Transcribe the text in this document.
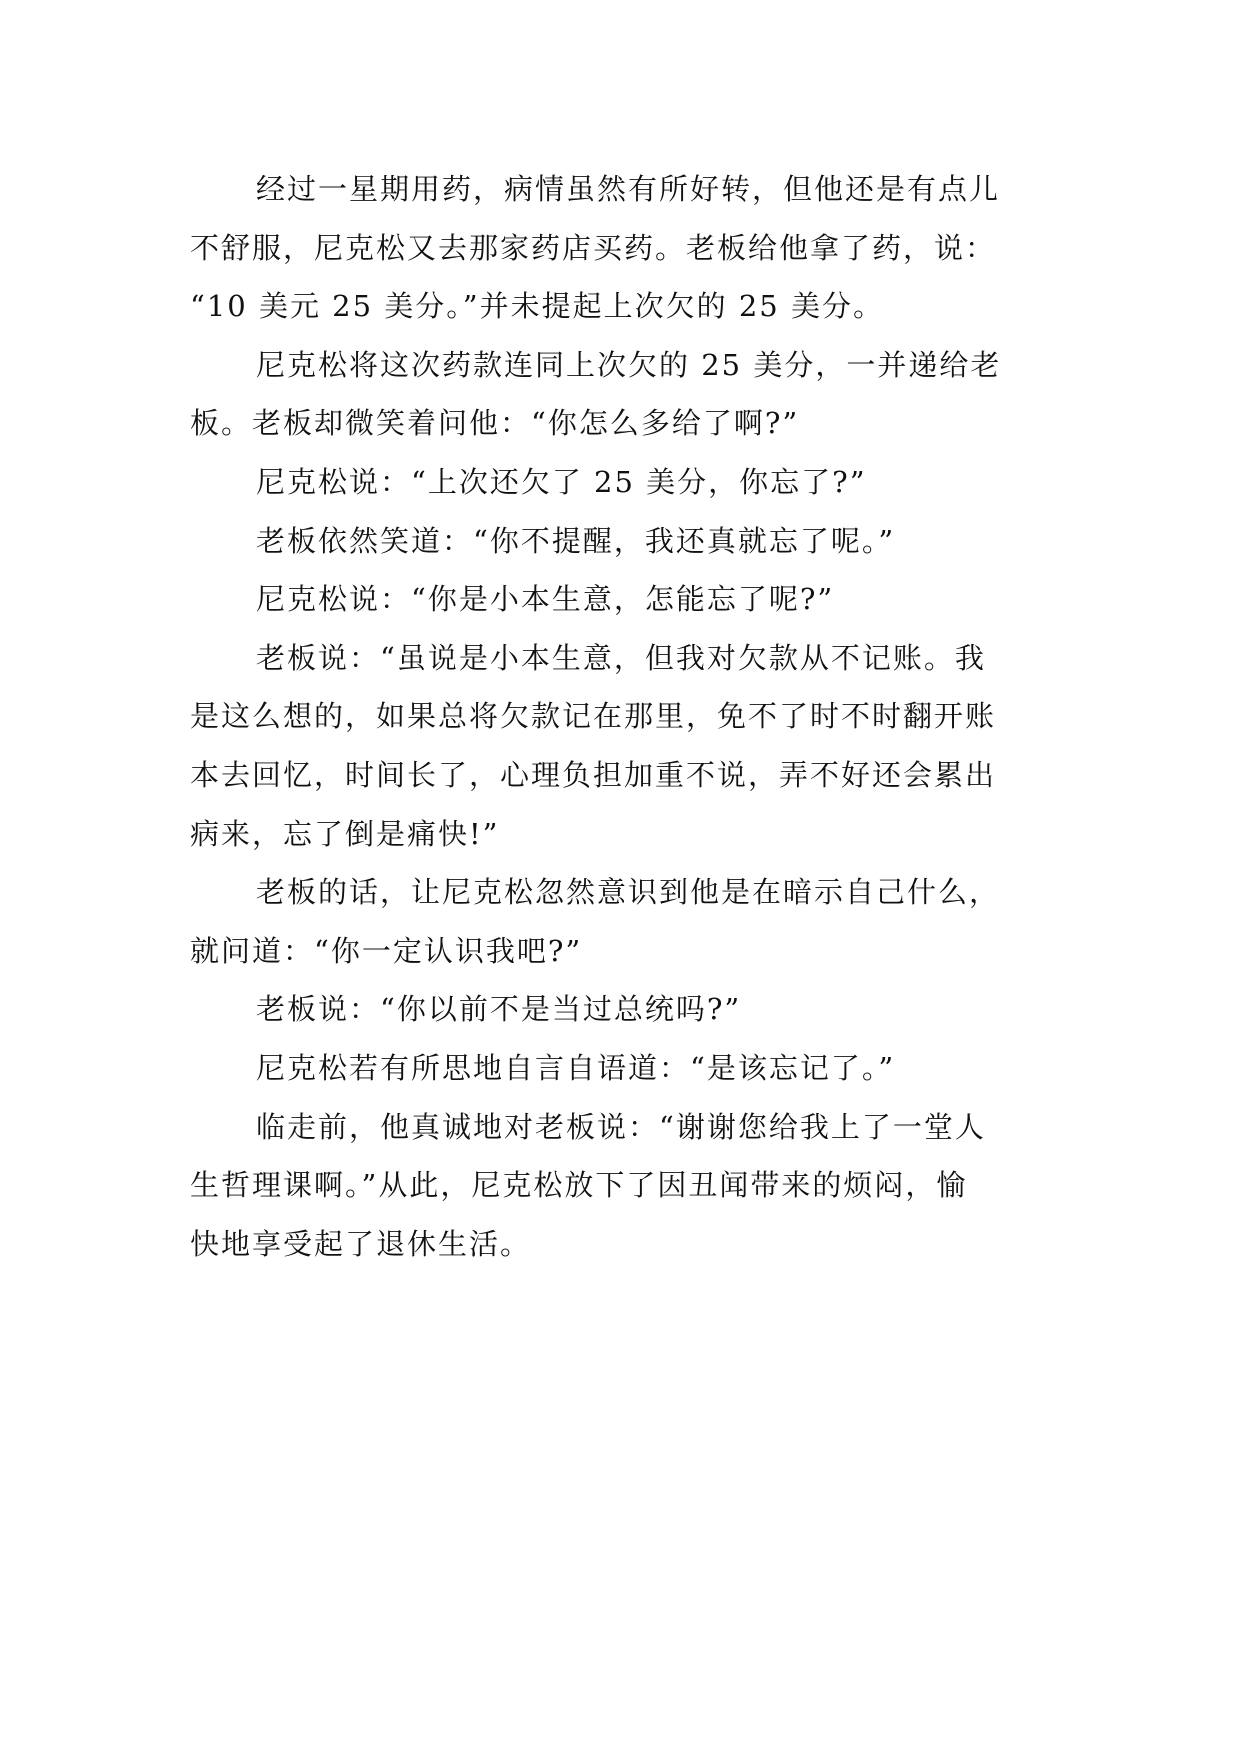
经过一星期用药，病情虽然有所好转，但他还是有点儿
不舒服，尼克松又去那家药店买药。老板给他拿了药，说：
“10 美元 25 美分。”并未提起上次欠的 25 美分。
尼克松将这次药款连同上次欠的 25 美分，一并递给老
板。老板却微笑着问他：“你怎么多给了啊?”
尼克松说：“上次还欠了 25 美分，你忘了?”
老板依然笑道：“你不提醒，我还真就忘了呢。”
尼克松说：“你是小本生意，怎能忘了呢?”
老板说：“虽说是小本生意，但我对欠款从不记账。我
是这么想的，如果总将欠款记在那里，免不了时不时翻开账
本去回忆，时间长了，心理负担加重不说，弄不好还会累出
病来，忘了倒是痛快!”
老板的话，让尼克松忽然意识到他是在暗示自己什么，
就问道：“你一定认识我吧?”
老板说：“你以前不是当过总统吗?”
尼克松若有所思地自言自语道：“是该忘记了。”
临走前，他真诚地对老板说：“谢谢您给我上了一堂人
生哲理课啊。”从此，尼克松放下了因丑闻带来的烦闷，愉
快地享受起了退休生活。
